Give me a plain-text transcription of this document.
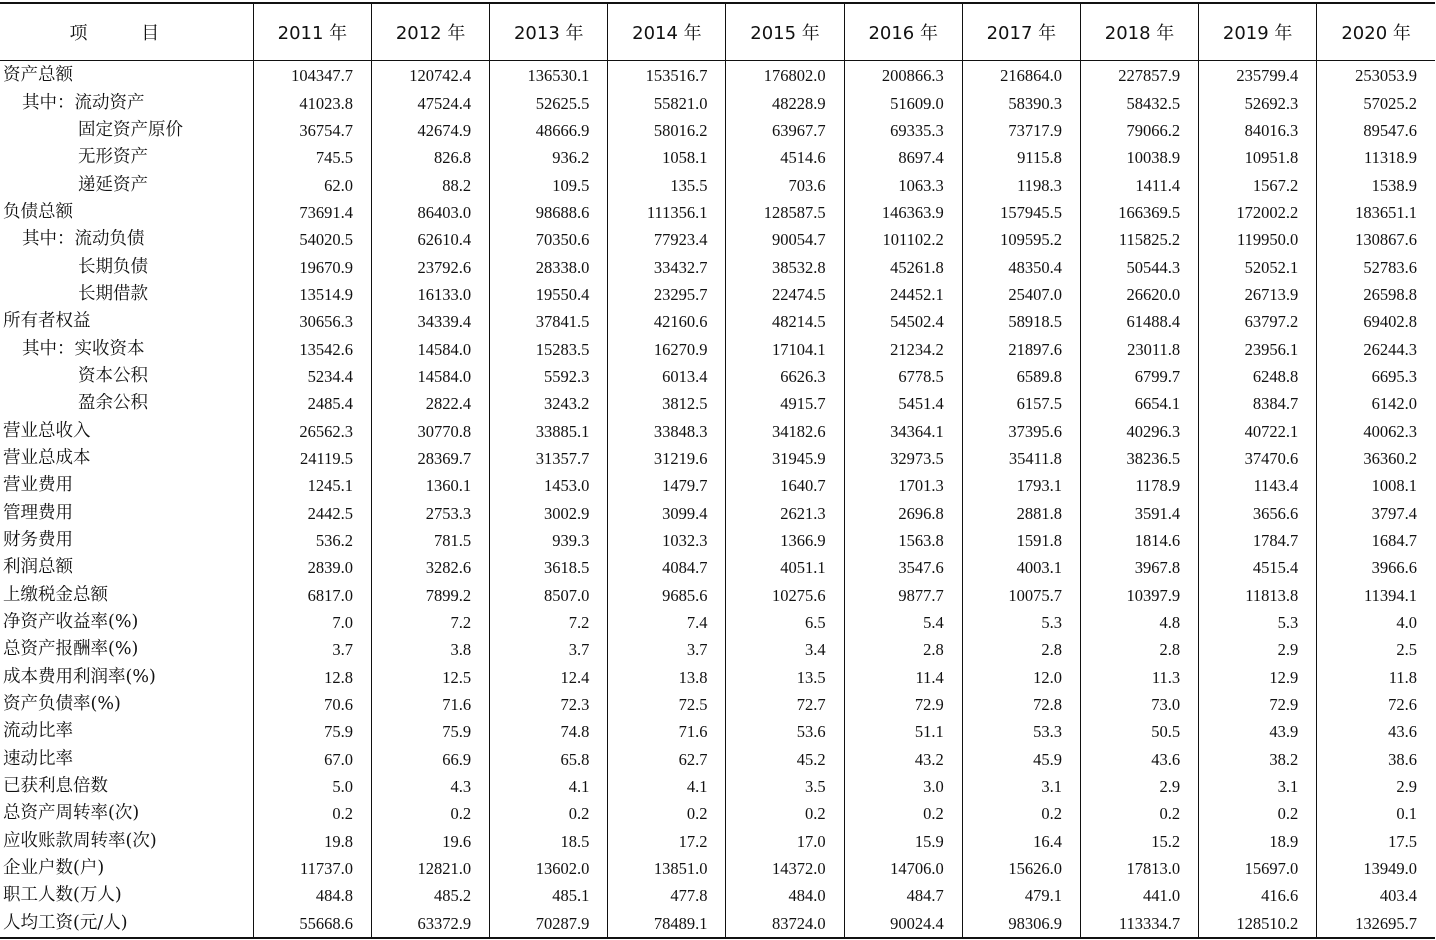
项 目	2011 年	2012 年	2013 年	2014 年	2015 年	2016 年	2017 年	2018 年	2019 年	2020 年
资产总额	104347.7	120742.4	136530.1	153516.7	176802.0	200866.3	216864.0	227857.9	235799.4	253053.9
其中：流动资产	41023.8	47524.4	52625.5	55821.0	48228.9	51609.0	58390.3	58432.5	52692.3	57025.2
固定资产原价	36754.7	42674.9	48666.9	58016.2	63967.7	69335.3	73717.9	79066.2	84016.3	89547.6
无形资产	745.5	826.8	936.2	1058.1	4514.6	8697.4	9115.8	10038.9	10951.8	11318.9
递延资产	62.0	88.2	109.5	135.5	703.6	1063.3	1198.3	1411.4	1567.2	1538.9
负债总额	73691.4	86403.0	98688.6	111356.1	128587.5	146363.9	157945.5	166369.5	172002.2	183651.1
其中：流动负债	54020.5	62610.4	70350.6	77923.4	90054.7	101102.2	109595.2	115825.2	119950.0	130867.6
长期负债	19670.9	23792.6	28338.0	33432.7	38532.8	45261.8	48350.4	50544.3	52052.1	52783.6
长期借款	13514.9	16133.0	19550.4	23295.7	22474.5	24452.1	25407.0	26620.0	26713.9	26598.8
所有者权益	30656.3	34339.4	37841.5	42160.6	48214.5	54502.4	58918.5	61488.4	63797.2	69402.8
其中：实收资本	13542.6	14584.0	15283.5	16270.9	17104.1	21234.2	21897.6	23011.8	23956.1	26244.3
资本公积	5234.4	14584.0	5592.3	6013.4	6626.3	6778.5	6589.8	6799.7	6248.8	6695.3
盈余公积	2485.4	2822.4	3243.2	3812.5	4915.7	5451.4	6157.5	6654.1	8384.7	6142.0
营业总收入	26562.3	30770.8	33885.1	33848.3	34182.6	34364.1	37395.6	40296.3	40722.1	40062.3
营业总成本	24119.5	28369.7	31357.7	31219.6	31945.9	32973.5	35411.8	38236.5	37470.6	36360.2
营业费用	1245.1	1360.1	1453.0	1479.7	1640.7	1701.3	1793.1	1178.9	1143.4	1008.1
管理费用	2442.5	2753.3	3002.9	3099.4	2621.3	2696.8	2881.8	3591.4	3656.6	3797.4
财务费用	536.2	781.5	939.3	1032.3	1366.9	1563.8	1591.8	1814.6	1784.7	1684.7
利润总额	2839.0	3282.6	3618.5	4084.7	4051.1	3547.6	4003.1	3967.8	4515.4	3966.6
上缴税金总额	6817.0	7899.2	8507.0	9685.6	10275.6	9877.7	10075.7	10397.9	11813.8	11394.1
净资产收益率(%)	7.0	7.2	7.2	7.4	6.5	5.4	5.3	4.8	5.3	4.0
总资产报酬率(%)	3.7	3.8	3.7	3.7	3.4	2.8	2.8	2.8	2.9	2.5
成本费用利润率(%)	12.8	12.5	12.4	13.8	13.5	11.4	12.0	11.3	12.9	11.8
资产负债率(%)	70.6	71.6	72.3	72.5	72.7	72.9	72.8	73.0	72.9	72.6
流动比率	75.9	75.9	74.8	71.6	53.6	51.1	53.3	50.5	43.9	43.6
速动比率	67.0	66.9	65.8	62.7	45.2	43.2	45.9	43.6	38.2	38.6
已获利息倍数	5.0	4.3	4.1	4.1	3.5	3.0	3.1	2.9	3.1	2.9
总资产周转率(次)	0.2	0.2	0.2	0.2	0.2	0.2	0.2	0.2	0.2	0.1
应收账款周转率(次)	19.8	19.6	18.5	17.2	17.0	15.9	16.4	15.2	18.9	17.5
企业户数(户)	11737.0	12821.0	13602.0	13851.0	14372.0	14706.0	15626.0	17813.0	15697.0	13949.0
职工人数(万人)	484.8	485.2	485.1	477.8	484.0	484.7	479.1	441.0	416.6	403.4
人均工资(元/人)	55668.6	63372.9	70287.9	78489.1	83724.0	90024.4	98306.9	113334.7	128510.2	132695.7
